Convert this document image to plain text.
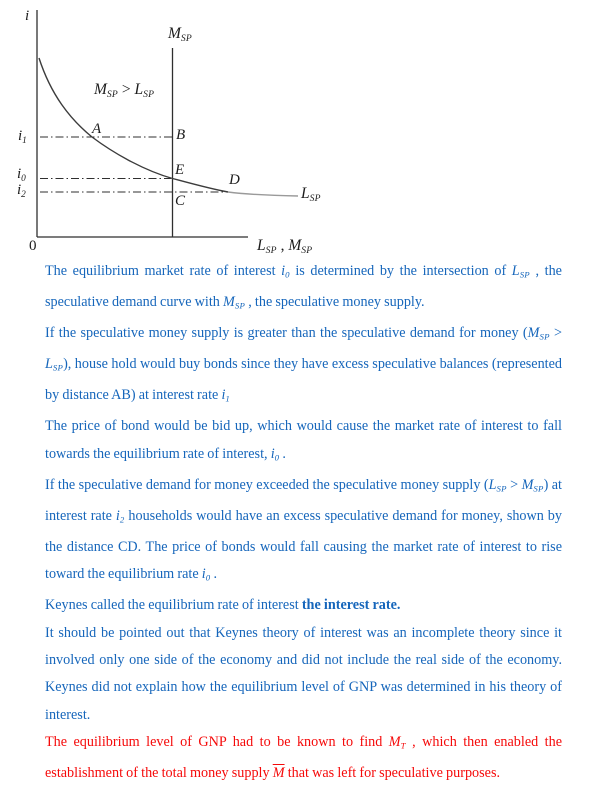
i
MSP
MSP > LSP
A	B
E
D
C
i1
i0
i2	LSP
0	LSP , MSP

The equilibrium market rate of interest i0 is determined by the intersection of LSP , the speculative demand curve with MSP , the speculative money supply.

If the speculative money supply is greater than the speculative demand for money (MSP > LSP), house hold would buy bonds since they have excess speculative balances (represented by distance AB) at interest rate i1

The price of bond would be bid up, which would cause the market rate of interest to fall towards the equilibrium rate of interest, i0 .

If the speculative demand for money exceeded the speculative money supply (LSP > MSP) at interest rate i2 households would have an excess speculative demand for money, shown by the distance CD. The price of bonds would fall causing the market rate of interest to rise toward the equilibrium rate i0 .

Keynes called the equilibrium rate of interest the interest rate.

It should be pointed out that Keynes theory of interest was an incomplete theory since it involved only one side of the economy and did not include the real side of the economy. Keynes did not explain how the equilibrium level of GNP was determined in his theory of interest.

The equilibrium level of GNP had to be known to find MT , which then enabled the establishment of the total money supply $\overline{M}$ that was left for speculative purposes.
